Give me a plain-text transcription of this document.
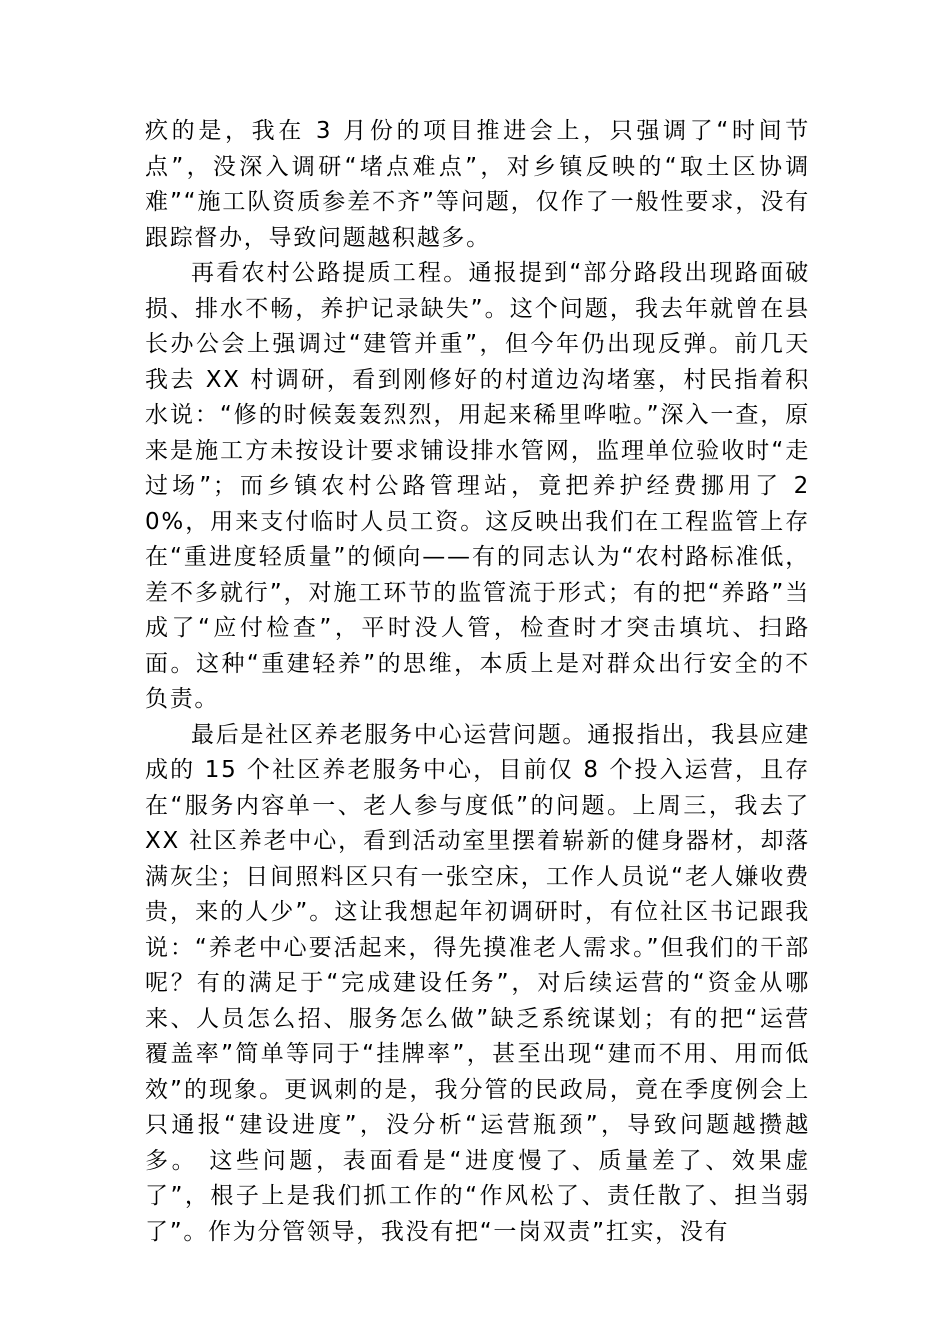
疚的是，我在 3 月份的项目推进会上，只强调了“时间节点”，没深入调研“堵点难点”，对乡镇反映的“取土区协调难”“施工队资质参差不齐”等问题，仅作了一般性要求，没有跟踪督办，导致问题越积越多。

再看农村公路提质工程。通报提到“部分路段出现路面破损、排水不畅，养护记录缺失”。这个问题，我去年就曾在县长办公会上强调过“建管并重”，但今年仍出现反弹。前几天我去 XX 村调研，看到刚修好的村道边沟堵塞，村民指着积水说：“修的时候轰轰烈烈，用起来稀里哗啦。”深入一查，原来是施工方未按设计要求铺设排水管网，监理单位验收时“走过场”；而乡镇农村公路管理站，竟把养护经费挪用了 20%，用来支付临时人员工资。这反映出我们在工程监管上存在“重进度轻质量”的倾向——有的同志认为“农村路标准低，差不多就行”，对施工环节的监管流于形式；有的把“养路”当成了“应付检查”，平时没人管，检查时才突击填坑、扫路面。这种“重建轻养”的思维，本质上是对群众出行安全的不负责。

最后是社区养老服务中心运营问题。通报指出，我县应建成的 15 个社区养老服务中心，目前仅 8 个投入运营，且存在“服务内容单一、老人参与度低”的问题。上周三，我去了 XX 社区养老中心，看到活动室里摆着崭新的健身器材，却落满灰尘；日间照料区只有一张空床，工作人员说“老人嫌收费贵，来的人少”。这让我想起年初调研时，有位社区书记跟我说：“养老中心要活起来，得先摸准老人需求。”但我们的干部呢？有的满足于“完成建设任务”，对后续运营的“资金从哪来、人员怎么招、服务怎么做”缺乏系统谋划；有的把“运营覆盖率”简单等同于“挂牌率”，甚至出现“建而不用、用而低效”的现象。更讽刺的是，我分管的民政局，竟在季度例会上只通报“建设进度”，没分析“运营瓶颈”，导致问题越攒越多。 这些问题，表面看是“进度慢了、质量差了、效果虚了”，根子上是我们抓工作的“作风松了、责任散了、担当弱了”。作为分管领导，我没有把“一岗双责”扛实，没有
